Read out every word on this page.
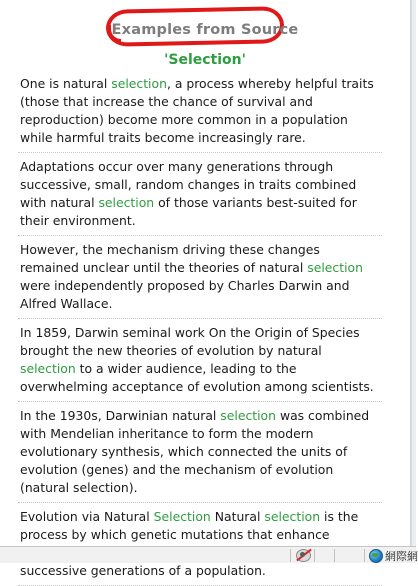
Examples from Source
'Selection'
One is natural selection, a process whereby helpful traits (those that increase the chance of survival and reproduction) become more common in a population while harmful traits become increasingly rare.
Adaptations occur over many generations through successive, small, random changes in traits combined with natural selection of those variants best-suited for their environment.
However, the mechanism driving these changes remained unclear until the theories of natural selection were independently proposed by Charles Darwin and Alfred Wallace.
In 1859, Darwin seminal work On the Origin of Species brought the new theories of evolution by natural selection to a wider audience, leading to the overwhelming acceptance of evolution among scientists.
In the 1930s, Darwinian natural selection was combined with Mendelian inheritance to form the modern evolutionary synthesis, which connected the units of evolution (genes) and the mechanism of evolution (natural selection).
Evolution via Natural Selection Natural selection is the process by which genetic mutations that enhance successive generations of a population.
網際網
